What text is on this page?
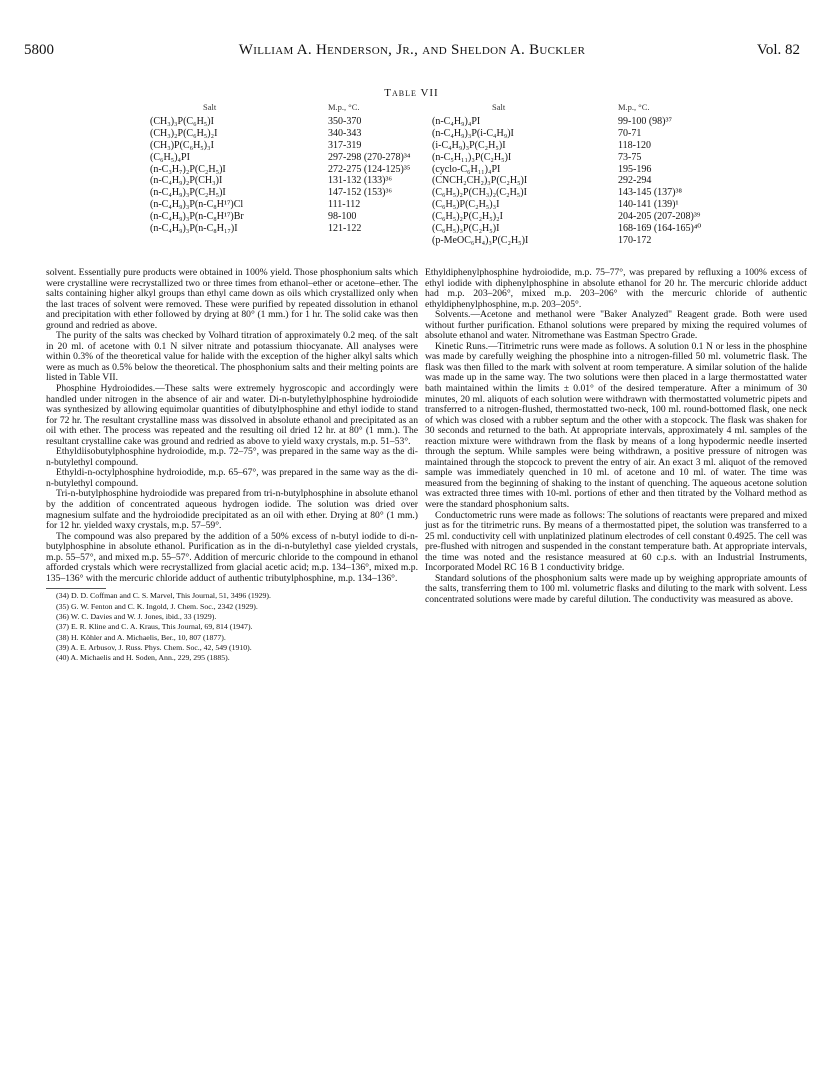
5800	William A. Henderson, Jr., and Sheldon A. Buckler	Vol. 82
Table VII
Salt	M.p., °C.
(CH₃)₃P(C₆H₅)I	350-370
(CH₃)₂P(C₆H₅)₂I	340-343
(CH₃)P(C₆H₅)₃I	317-319
(C₆H₅)₄PI	297-298 (270-278)³⁴
(n-C₃H₇)₂P(C₂H₅)I	272-275 (124-125)³⁵
(n-C₄H₉)₂P(CH₃)I	131-132 (133)³⁶
(n-C₄H₉)₃P(C₂H₅)I	147-152 (153)³⁶
(n-C₄H₉)₃P(n-C₈H¹⁷)Cl	111-112
(n-C₄H₉)₃P(n-C₈H¹⁷)Br	98-100
(n-C₄H₉)₃P(n-C₈H₁₇)I	121-122
Salt	M.p., °C.
(n-C₄H₉)₄PI	99-100 (98)³⁷
(n-C₄H₉)₃P(i-C₄H₉)I	70-71
(i-C₄H₉)₃P(C₂H₅)I	118-120
(n-C₅H₁₁)₃P(C₂H₅)I	73-75
(cyclo-C₆H₁₁)₄PI	195-196
(CNCH₂CH₂)₃P(C₂H₅)I	292-294
(C₆H₅)₂P(CH₃)₂(C₂H₅)I	143-145 (137)³⁸
(C₆H₅)P(C₂H₅)₃I	140-141 (139)¹
(C₆H₅)₂P(C₂H₅)₂I	204-205 (207-208)³⁹
(C₆H₅)₃P(C₂H₅)I	168-169 (164-165)⁴⁰
(p-MeOC₆H₄)₃P(C₂H₅)I	170-172

solvent. Essentially pure products were obtained in 100% yield. Those phosphonium salts which were crystalline were recrystallized two or three times from ethanol–ether or acetone–ether. The salts containing higher alkyl groups than ethyl came down as oils which crystallized only when the last traces of solvent were removed. These were purified by repeated dissolution in ethanol and precipitation with ether followed by drying at 80° (1 mm.) for 1 hr. The solid cake was then ground and redried as above.

The purity of the salts was checked by Volhard titration of approximately 0.2 meq. of the salt in 20 ml. of acetone with 0.1 N silver nitrate and potassium thiocyanate. All analyses were within 0.3% of the theoretical value for halide with the exception of the higher alkyl salts which were as much as 0.5% below the theoretical. The phosphonium salts and their melting points are listed in Table VII.

Phosphine Hydroiodides.—These salts were extremely hygroscopic and accordingly were handled under nitrogen in the absence of air and water. Di-n-butylethylphosphine hydroiodide was synthesized by allowing equimolar quantities of dibutylphosphine and ethyl iodide to stand for 72 hr. The resultant crystalline mass was dissolved in absolute ethanol and precipitated as an oil with ether. The process was repeated and the resulting oil dried 12 hr. at 80° (1 mm.). The resultant crystalline cake was ground and redried as above to yield waxy crystals, m.p. 51–53°.

Ethyldiisobutylphosphine hydroiodide, m.p. 72–75°, was prepared in the same way as the di-n-butylethyl compound.

Ethyldi-n-octylphosphine hydroiodide, m.p. 65–67°, was prepared in the same way as the di-n-butylethyl compound.

Tri-n-butylphosphine hydroiodide was prepared from tri-n-butylphosphine in absolute ethanol by the addition of concentrated aqueous hydrogen iodide. The solution was dried over magnesium sulfate and the hydroiodide precipitated as an oil with ether. Drying at 80° (1 mm.) for 12 hr. yielded waxy crystals, m.p. 57–59°.

The compound was also prepared by the addition of a 50% excess of n-butyl iodide to di-n-butylphosphine in absolute ethanol. Purification as in the di-n-butylethyl case yielded crystals, m.p. 55–57°, and mixed m.p. 55–57°. Addition of mercuric chloride to the compound in ethanol afforded crystals which were recrystallized from glacial acetic acid; m.p. 134–136°, mixed m.p. 135–136° with the mercuric chloride adduct of authentic tributylphosphine, m.p. 134–136°.

(34) D. D. Coffman and C. S. Marvel, This Journal, 51, 3496 (1929).

(35) G. W. Fenton and C. K. Ingold, J. Chem. Soc., 2342 (1929).

(36) W. C. Davies and W. J. Jones, ibid., 33 (1929).

(37) E. R. Kline and C. A. Kraus, This Journal, 69, 814 (1947).

(38) H. Köhler and A. Michaelis, Ber., 10, 807 (1877).

(39) A. E. Arbusov, J. Russ. Phys. Chem. Soc., 42, 549 (1910).

(40) A. Michaelis and H. Soden, Ann., 229, 295 (1885).

Ethyldiphenylphosphine hydroiodide, m.p. 75–77°, was prepared by refluxing a 100% excess of ethyl iodide with diphenylphosphine in absolute ethanol for 20 hr. The mercuric chloride adduct had m.p. 203–206°, mixed m.p. 203–206° with the mercuric chloride of authentic ethyldiphenylphosphine, m.p. 203–205°.

Solvents.—Acetone and methanol were "Baker Analyzed" Reagent grade. Both were used without further purification. Ethanol solutions were prepared by mixing the required volumes of absolute ethanol and water. Nitromethane was Eastman Spectro Grade.

Kinetic Runs.—Titrimetric runs were made as follows. A solution 0.1 N or less in the phosphine was made by carefully weighing the phosphine into a nitrogen-filled 50 ml. volumetric flask. The flask was then filled to the mark with solvent at room temperature. A similar solution of the halide was made up in the same way. The two solutions were then placed in a large thermostatted water bath maintained within the limits ± 0.01° of the desired temperature. After a minimum of 30 minutes, 20 ml. aliquots of each solution were withdrawn with thermostatted volumetric pipets and transferred to a nitrogen-flushed, thermostatted two-neck, 100 ml. round-bottomed flask, one neck of which was closed with a rubber septum and the other with a stopcock. The flask was shaken for 30 seconds and returned to the bath. At appropriate intervals, approximately 4 ml. samples of the reaction mixture were withdrawn from the flask by means of a long hypodermic needle inserted through the septum. While samples were being withdrawn, a positive pressure of nitrogen was maintained through the stopcock to prevent the entry of air. An exact 3 ml. aliquot of the removed sample was immediately quenched in 10 ml. of acetone and 10 ml. of water. The time was measured from the beginning of shaking to the instant of quenching. The aqueous acetone solution was extracted three times with 10-ml. portions of ether and then titrated by the Volhard method as were the standard phosphonium salts.

Conductometric runs were made as follows: The solutions of reactants were prepared and mixed just as for the titrimetric runs. By means of a thermostatted pipet, the solution was transferred to a 25 ml. conductivity cell with unplatinized platinum electrodes of cell constant 0.4925. The cell was pre-flushed with nitrogen and suspended in the constant temperature bath. At appropriate intervals, the time was noted and the resistance measured at 60 c.p.s. with an Industrial Instruments, Incorporated Model RC 16 B 1 conductivity bridge.

Standard solutions of the phosphonium salts were made up by weighing appropriate amounts of the salts, transferring them to 100 ml. volumetric flasks and diluting to the mark with solvent. Less concentrated solutions were made by careful dilution. The conductivity was measured as above.
